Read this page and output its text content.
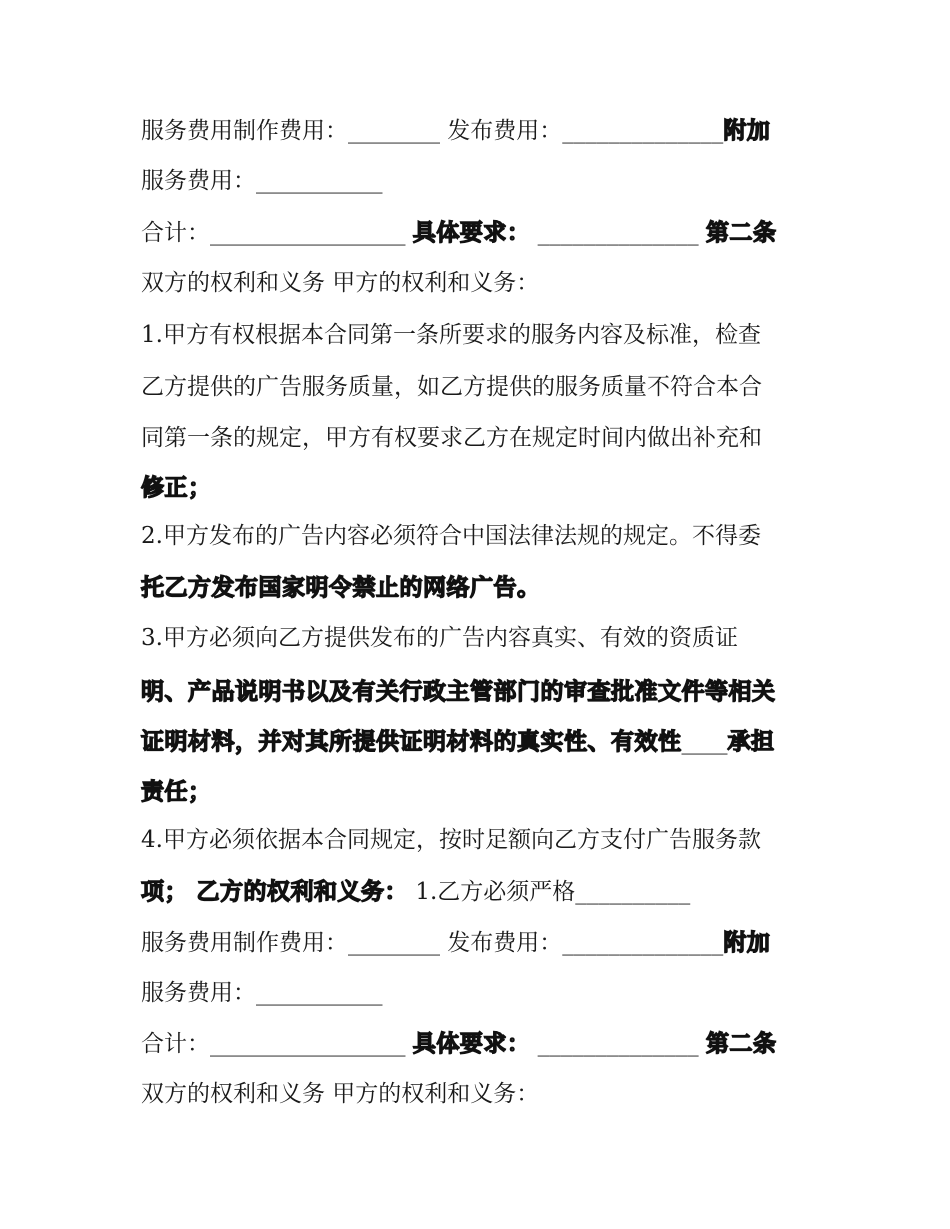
服务费用制作费用：________ 发布费用：______________附加
服务费用：___________
合计：_________________ 具体要求： ______________ 第二条
双方的权利和义务 甲方的权利和义务：
1.甲方有权根据本合同第一条所要求的服务内容及标准，检查
乙方提供的广告服务质量，如乙方提供的服务质量不符合本合
同第一条的规定，甲方有权要求乙方在规定时间内做出补充和
修正；
2.甲方发布的广告内容必须符合中国法律法规的规定。不得委
托乙方发布国家明令禁止的网络广告。
3.甲方必须向乙方提供发布的广告内容真实、有效的资质证
明、产品说明书以及有关行政主管部门的审查批准文件等相关
证明材料，并对其所提供证明材料的真实性、有效性____承担
责任；
4.甲方必须依据本合同规定，按时足额向乙方支付广告服务款
项； 乙方的权利和义务： 1.乙方必须严格__________
服务费用制作费用：________ 发布费用：______________附加
服务费用：___________
合计：_________________ 具体要求： ______________ 第二条
双方的权利和义务 甲方的权利和义务：
